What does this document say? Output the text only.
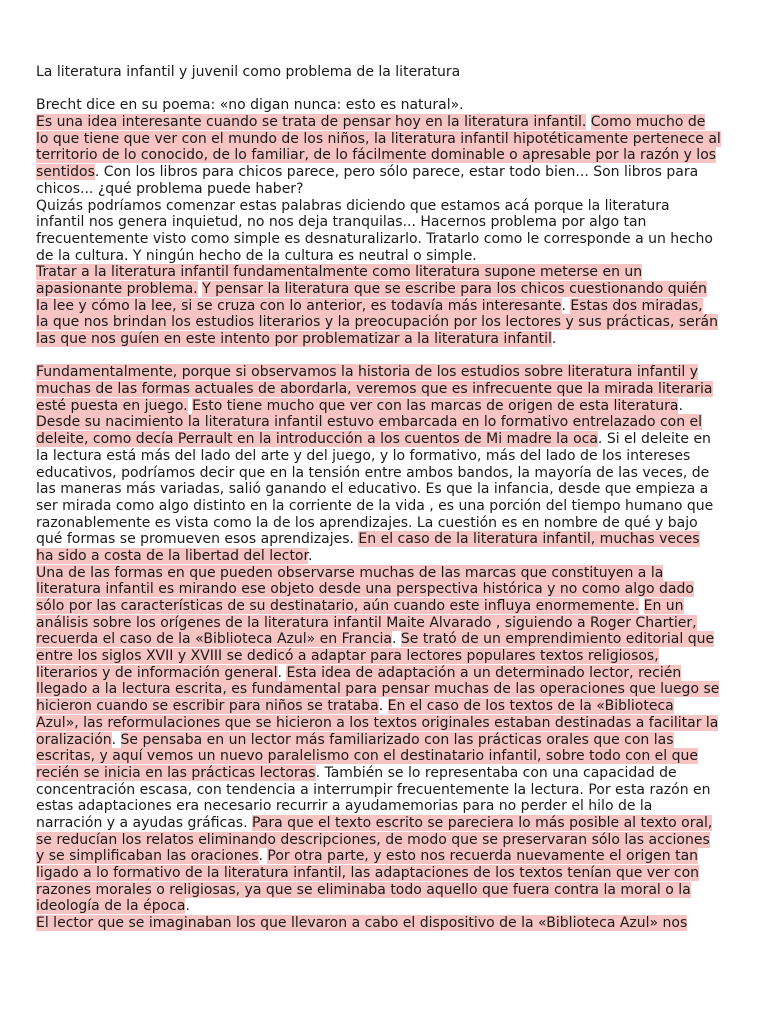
La literatura infantil y juvenil como problema de la literatura
Brecht dice en su poema: «no digan nunca: esto es natural».
Es una idea interesante cuando se trata de pensar hoy en la literatura infantil. Como mucho de
lo que tiene que ver con el mundo de los niños, la literatura infantil hipotéticamente pertenece al
territorio de lo conocido, de lo familiar, de lo fácilmente dominable o apresable por la razón y los
sentidos. Con los libros para chicos parece, pero sólo parece, estar todo bien... Son libros para
chicos... ¿qué problema puede haber?
Quizás podríamos comenzar estas palabras diciendo que estamos acá porque la literatura
infantil nos genera inquietud, no nos deja tranquilas... Hacernos problema por algo tan
frecuentemente visto como simple es desnaturalizarlo. Tratarlo como le corresponde a un hecho
de la cultura. Y ningún hecho de la cultura es neutral o simple.
Tratar a la literatura infantil fundamentalmente como literatura supone meterse en un
apasionante problema. Y pensar la literatura que se escribe para los chicos cuestionando quién
la lee y cómo la lee, si se cruza con lo anterior, es todavía más interesante. Estas dos miradas,
la que nos brindan los estudios literarios y la preocupación por los lectores y sus prácticas, serán
las que nos guíen en este intento por problematizar a la literatura infantil.
Fundamentalmente, porque si observamos la historia de los estudios sobre literatura infantil y
muchas de las formas actuales de abordarla, veremos que es infrecuente que la mirada literaria
esté puesta en juego. Esto tiene mucho que ver con las marcas de origen de esta literatura.
Desde su nacimiento la literatura infantil estuvo embarcada en lo formativo entrelazado con el
deleite, como decía Perrault en la introducción a los cuentos de Mi madre la oca. Si el deleite en
la lectura está más del lado del arte y del juego, y lo formativo, más del lado de los intereses
educativos, podríamos decir que en la tensión entre ambos bandos, la mayoría de las veces, de
las maneras más variadas, salió ganando el educativo. Es que la infancia, desde que empieza a
ser mirada como algo distinto en la corriente de la vida , es una porción del tiempo humano que
razonablemente es vista como la de los aprendizajes. La cuestión es en nombre de qué y bajo
qué formas se promueven esos aprendizajes. En el caso de la literatura infantil, muchas veces
ha sido a costa de la libertad del lector.
Una de las formas en que pueden observarse muchas de las marcas que constituyen a la
literatura infantil es mirando ese objeto desde una perspectiva histórica y no como algo dado
sólo por las características de su destinatario, aún cuando este influya enormemente. En un
análisis sobre los orígenes de la literatura infantil Maite Alvarado , siguiendo a Roger Chartier,
recuerda el caso de la «Biblioteca Azul» en Francia. Se trató de un emprendimiento editorial que
entre los siglos XVII y XVIII se dedicó a adaptar para lectores populares textos religiosos,
literarios y de información general. Esta idea de adaptación a un determinado lector, recién
llegado a la lectura escrita, es fundamental para pensar muchas de las operaciones que luego se
hicieron cuando se escribir para niños se trataba. En el caso de los textos de la «Biblioteca
Azul», las reformulaciones que se hicieron a los textos originales estaban destinadas a facilitar la
oralización. Se pensaba en un lector más familiarizado con las prácticas orales que con las
escritas, y aquí vemos un nuevo paralelismo con el destinatario infantil, sobre todo con el que
recién se inicia en las prácticas lectoras. También se lo representaba con una capacidad de
concentración escasa, con tendencia a interrumpir frecuentemente la lectura. Por esta razón en
estas adaptaciones era necesario recurrir a ayudamemorias para no perder el hilo de la
narración y a ayudas gráficas. Para que el texto escrito se pareciera lo más posible al texto oral,
se reducían los relatos eliminando descripciones, de modo que se preservaran sólo las acciones
y se simplificaban las oraciones. Por otra parte, y esto nos recuerda nuevamente el origen tan
ligado a lo formativo de la literatura infantil, las adaptaciones de los textos tenían que ver con
razones morales o religiosas, ya que se eliminaba todo aquello que fuera contra la moral o la
ideología de la época.
El lector que se imaginaban los que llevaron a cabo el dispositivo de la «Biblioteca Azul» nos
